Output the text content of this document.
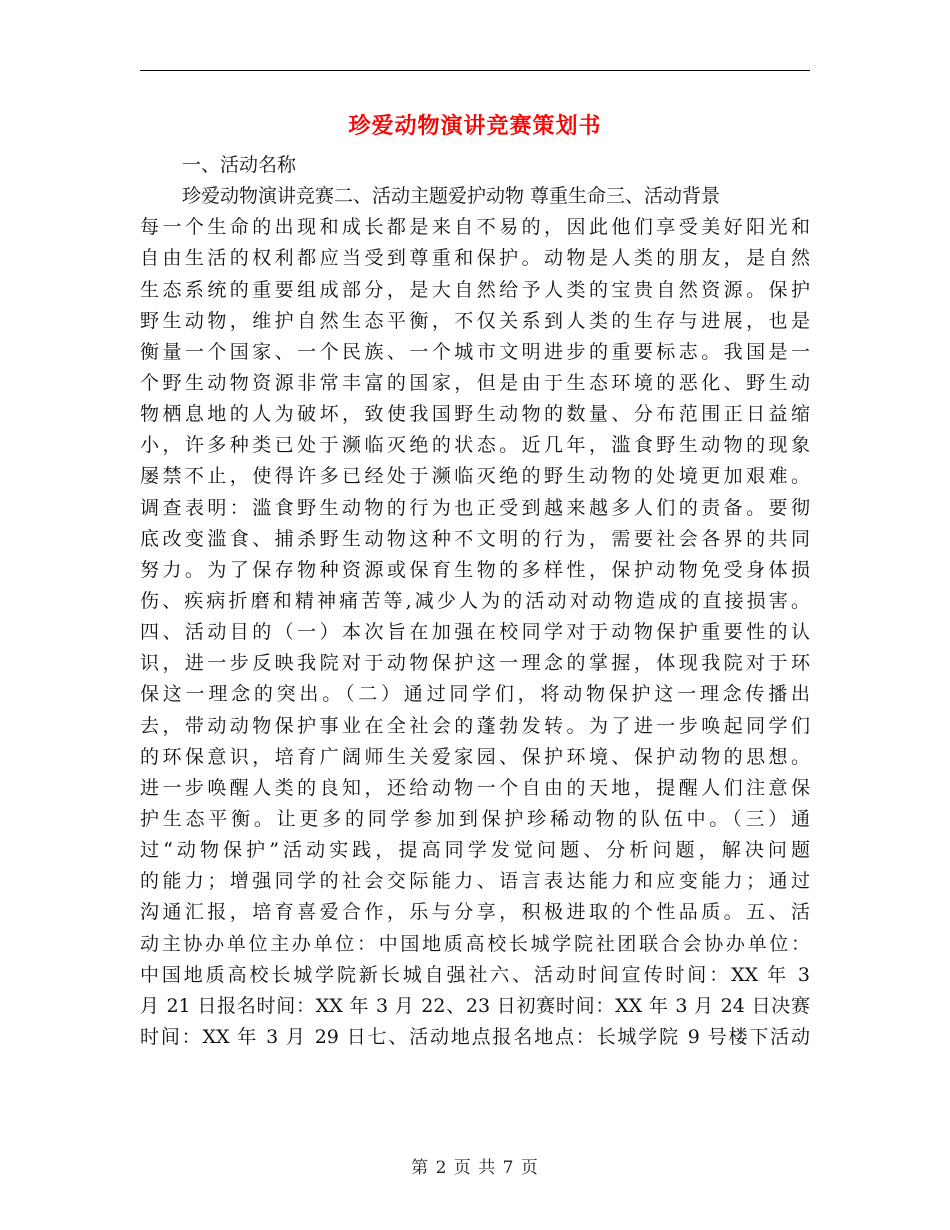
珍爱动物演讲竞赛策划书
一、活动名称
珍爱动物演讲竞赛二、活动主题爱护动物 尊重生命三、活动背景
每一个生命的出现和成长都是来自不易的，因此他们享受美好阳光和
自由生活的权利都应当受到尊重和保护。动物是人类的朋友，是自然
生态系统的重要组成部分，是大自然给予人类的宝贵自然资源。保护
野生动物，维护自然生态平衡，不仅关系到人类的生存与进展，也是
衡量一个国家、一个民族、一个城市文明进步的重要标志。我国是一
个野生动物资源非常丰富的国家，但是由于生态环境的恶化、野生动
物栖息地的人为破坏，致使我国野生动物的数量、分布范围正日益缩
小，许多种类已处于濒临灭绝的状态。近几年，滥食野生动物的现象
屡禁不止，使得许多已经处于濒临灭绝的野生动物的处境更加艰难。
调查表明：滥食野生动物的行为也正受到越来越多人们的责备。要彻
底改变滥食、捕杀野生动物这种不文明的行为，需要社会各界的共同
努力。为了保存物种资源或保育生物的多样性，保护动物免受身体损
伤、疾病折磨和精神痛苦等,减少人为的活动对动物造成的直接损害。
四、活动目的（一）本次旨在加强在校同学对于动物保护重要性的认
识，进一步反映我院对于动物保护这一理念的掌握，体现我院对于环
保这一理念的突出。（二）通过同学们，将动物保护这一理念传播出
去，带动动物保护事业在全社会的蓬勃发转。为了进一步唤起同学们
的环保意识，培育广阔师生关爱家园、保护环境、保护动物的思想。
进一步唤醒人类的良知，还给动物一个自由的天地，提醒人们注意保
护生态平衡。让更多的同学参加到保护珍稀动物的队伍中。（三）通
过“动物保护”活动实践，提高同学发觉问题、分析问题，解决问题
的能力；增强同学的社会交际能力、语言表达能力和应变能力；通过
沟通汇报，培育喜爱合作，乐与分享，积极进取的个性品质。五、活
动主协办单位主办单位：中国地质高校长城学院社团联合会协办单位：
中国地质高校长城学院新长城自强社六、活动时间宣传时间：XX 年 3
月 21 日报名时间：XX 年 3 月 22、23 日初赛时间：XX 年 3 月 24 日决赛
时间：XX 年 3 月 29 日七、活动地点报名地点：长城学院 9 号楼下活动
第 2 页 共 7 页
